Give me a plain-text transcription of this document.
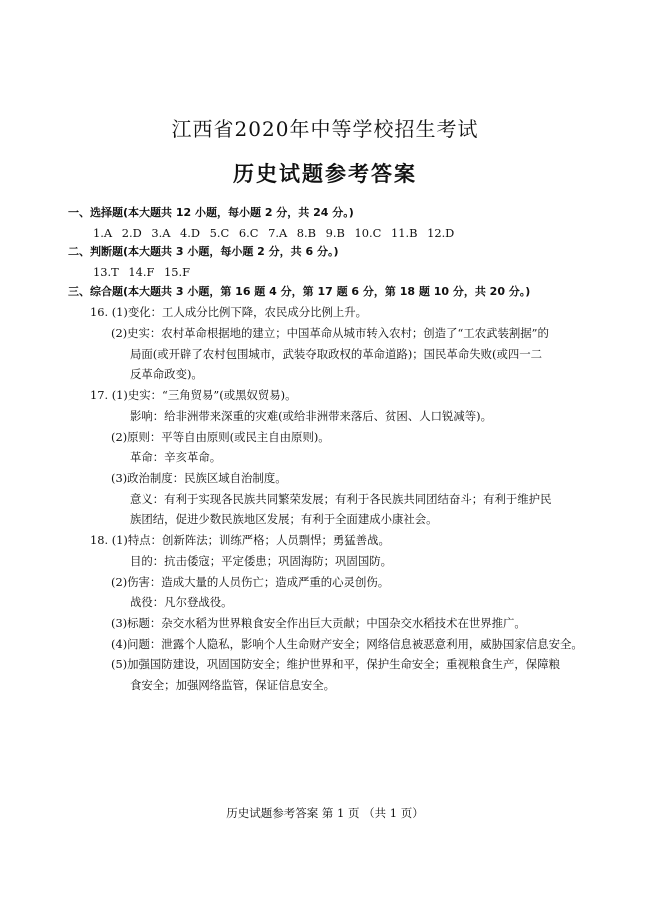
江西省2020年中等学校招生考试
历史试题参考答案
一、选择题(本大题共 12 小题，每小题 2 分，共 24 分。)
1.A 2.D 3.A 4.D 5.C 6.C 7.A 8.B 9.B 10.C 11.B 12.D
二、判断题(本大题共 3 小题，每小题 2 分，共 6 分。)
13.T 14.F 15.F
三、综合题(本大题共 3 小题，第 16 题 4 分，第 17 题 6 分，第 18 题 10 分，共 20 分。)
16. (1)变化：工人成分比例下降，农民成分比例上升。
(2)史实：农村革命根据地的建立；中国革命从城市转入农村；创造了“工农武装割据”的
局面(或开辟了农村包围城市，武装夺取政权的革命道路)；国民革命失败(或四一二
反革命政变)。
17. (1)史实：“三角贸易”(或黑奴贸易)。
影响：给非洲带来深重的灾难(或给非洲带来落后、贫困、人口锐减等)。
(2)原则：平等自由原则(或民主自由原则)。
革命：辛亥革命。
(3)政治制度：民族区域自治制度。
意义：有利于实现各民族共同繁荣发展；有利于各民族共同团结奋斗；有利于维护民
族团结，促进少数民族地区发展；有利于全面建成小康社会。
18. (1)特点：创新阵法；训练严格；人员剽悍；勇猛善战。
目的：抗击倭寇；平定倭患；巩固海防；巩固国防。
(2)伤害：造成大量的人员伤亡；造成严重的心灵创伤。
战役：凡尔登战役。
(3)标题：杂交水稻为世界粮食安全作出巨大贡献；中国杂交水稻技术在世界推广。
(4)问题：泄露个人隐私，影响个人生命财产安全；网络信息被恶意利用，威胁国家信息安全。
(5)加强国防建设，巩固国防安全；维护世界和平，保护生命安全；重视粮食生产，保障粮
食安全；加强网络监管，保证信息安全。
历史试题参考答案 第 1 页 （共 1 页）
